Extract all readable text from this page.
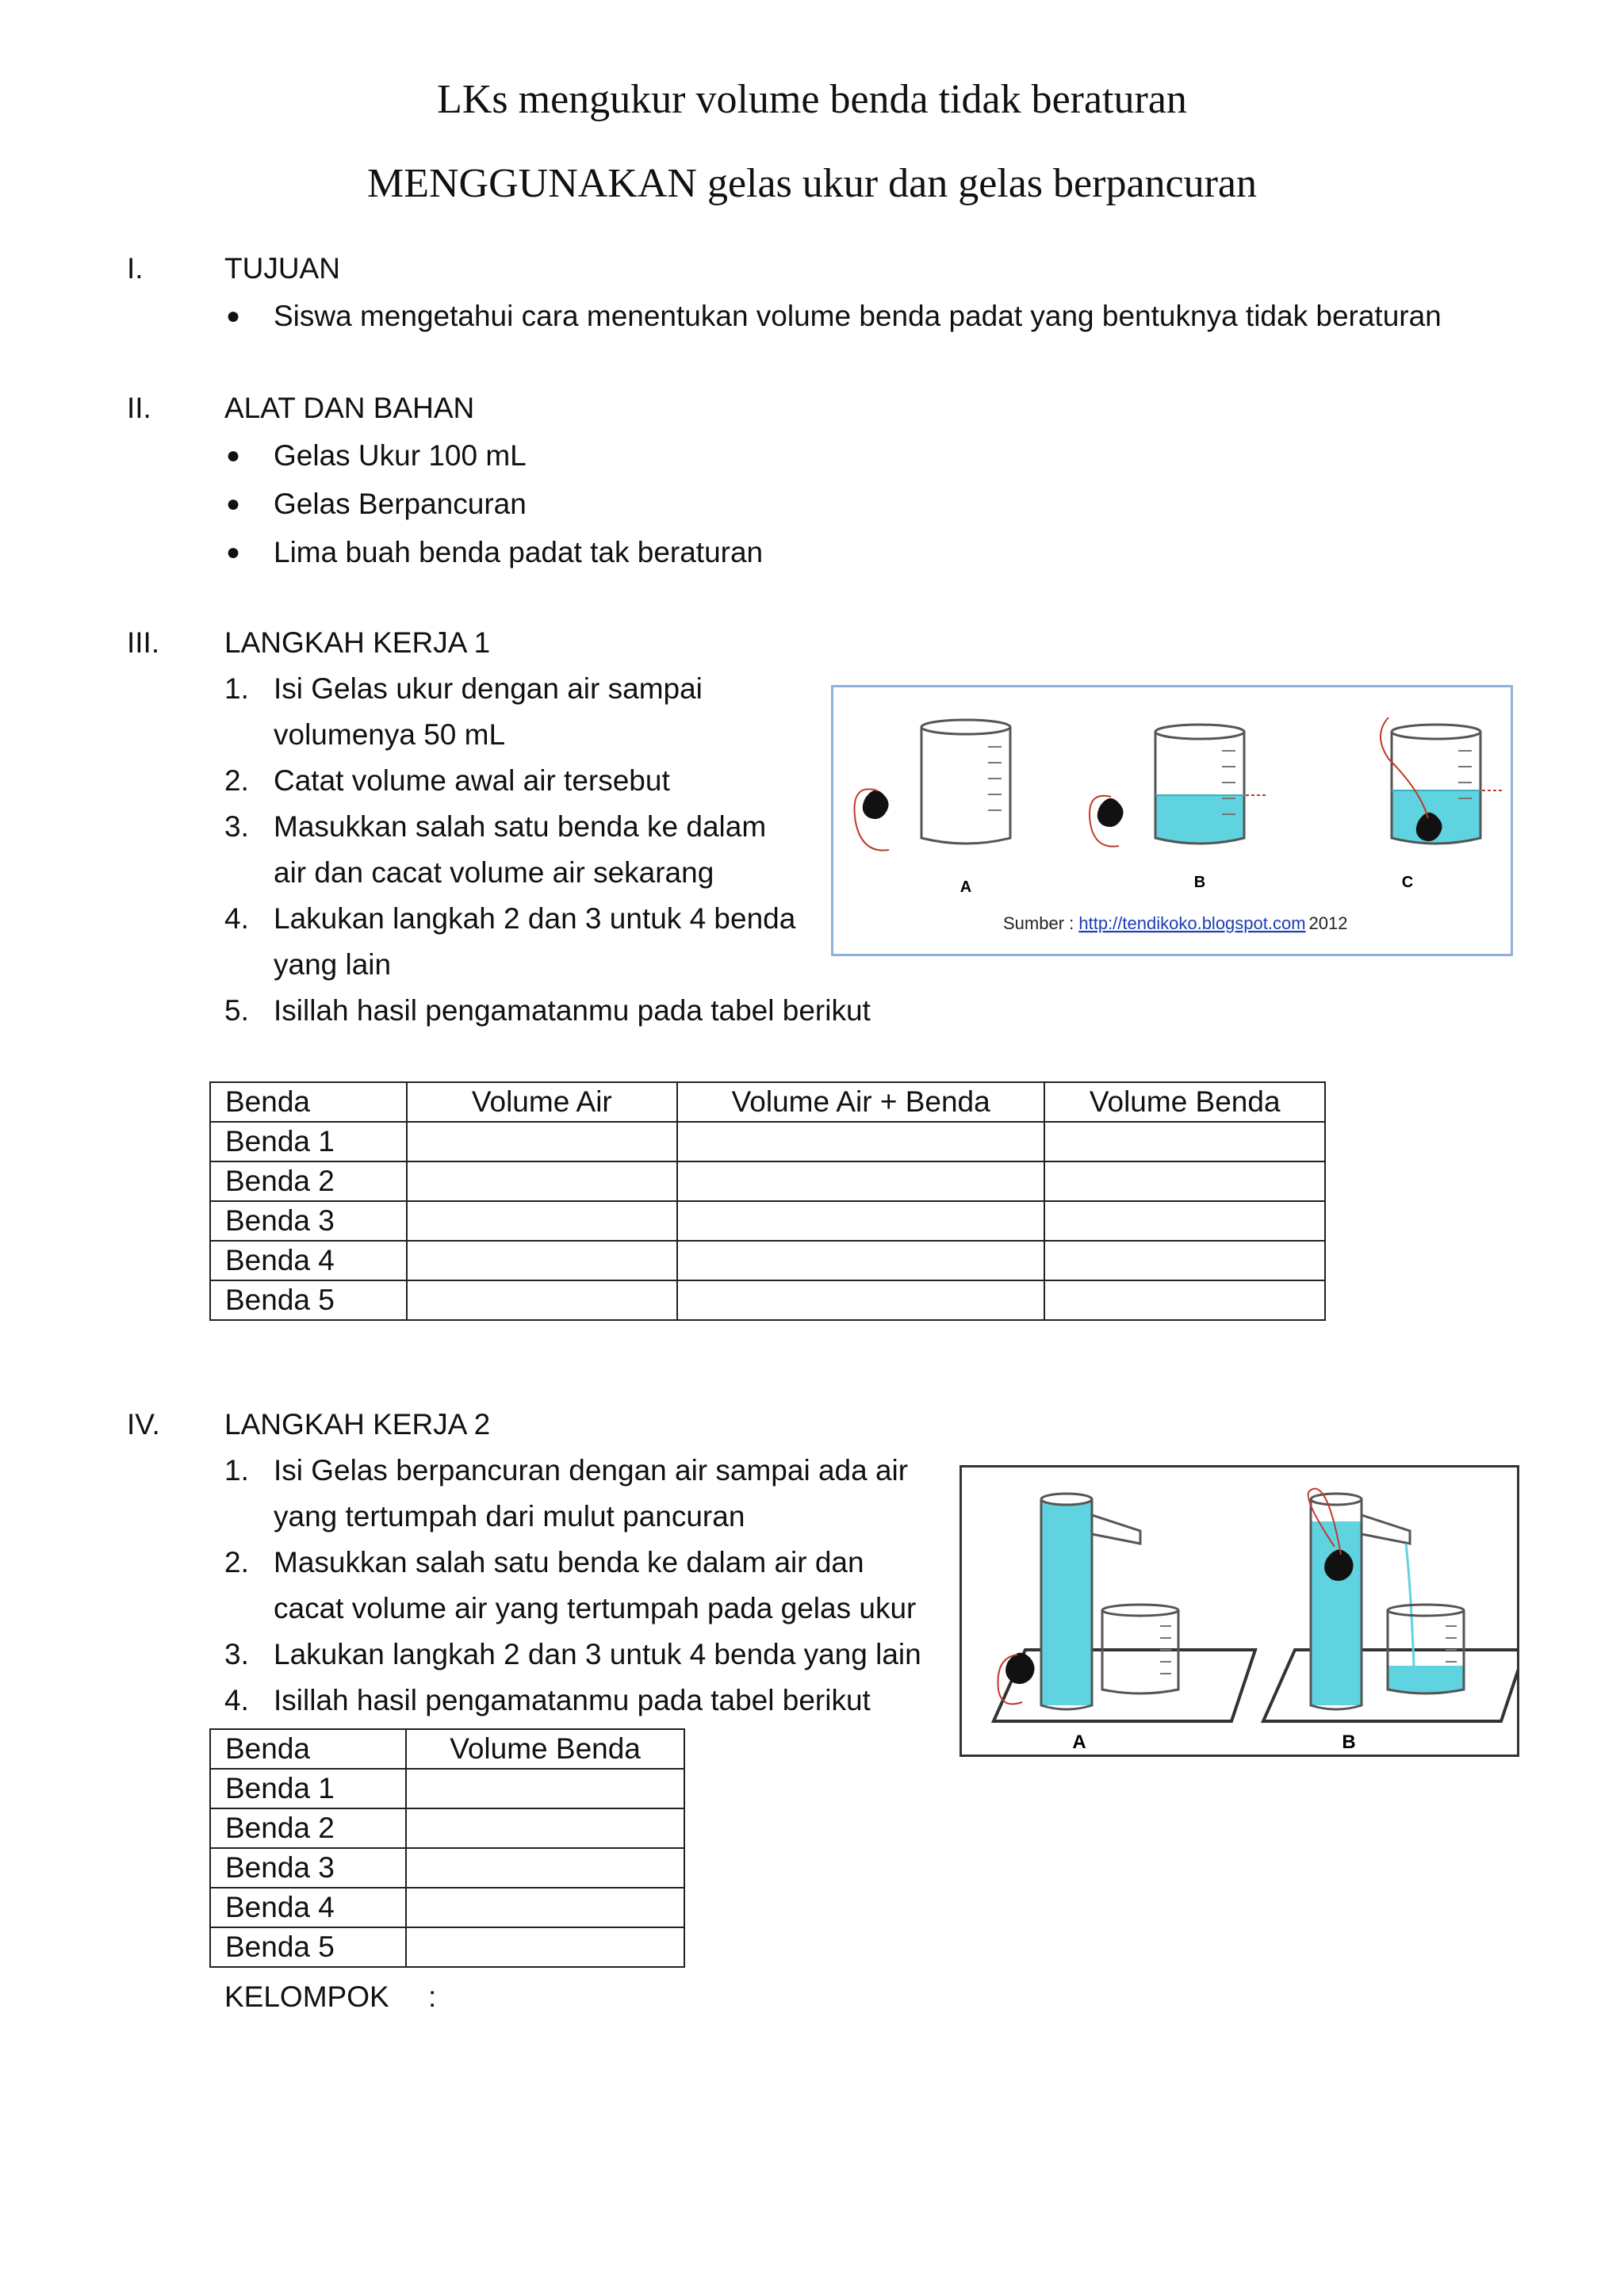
LKs mengukur volume benda tidak beraturan
MENGGUNAKAN gelas ukur dan gelas berpancuran
I.	TUJUAN
● Siswa mengetahui cara menentukan volume benda padat yang bentuknya tidak beraturan
II. ALAT DAN BAHAN
● Gelas Ukur 100 mL
● Gelas Berpancuran
● Lima buah benda padat tak beraturan
III. LANGKAH KERJA 1
1. Isi Gelas ukur dengan air sampai
volumenya 50 mL
2. Catat volume awal air tersebut
3. Masukkan salah satu benda ke dalam
air dan cacat volume air sekarang
4. Lakukan langkah 2 dan 3 untuk 4 benda
yang lain
5. Isillah hasil pengamatanmu pada tabel berikut
A	B	C
Sumber : http://tendikoko.blogspot.com 2012
Benda	Volume Air	Volume Air + Benda	Volume Benda
Benda 1			
Benda 2			
Benda 3			
Benda 4			
Benda 5			
IV. LANGKAH KERJA 2
1. Isi Gelas berpancuran dengan air sampai ada air
yang tertumpah dari mulut pancuran
2. Masukkan salah satu benda ke dalam air dan
cacat volume air yang tertumpah pada gelas ukur
3. Lakukan langkah 2 dan 3 untuk 4 benda yang lain
4. Isillah hasil pengamatanmu pada tabel berikut
A	B
Benda	Volume Benda
Benda 1	
Benda 2	
Benda 3	
Benda 4	
Benda 5	
KELOMPOK :
